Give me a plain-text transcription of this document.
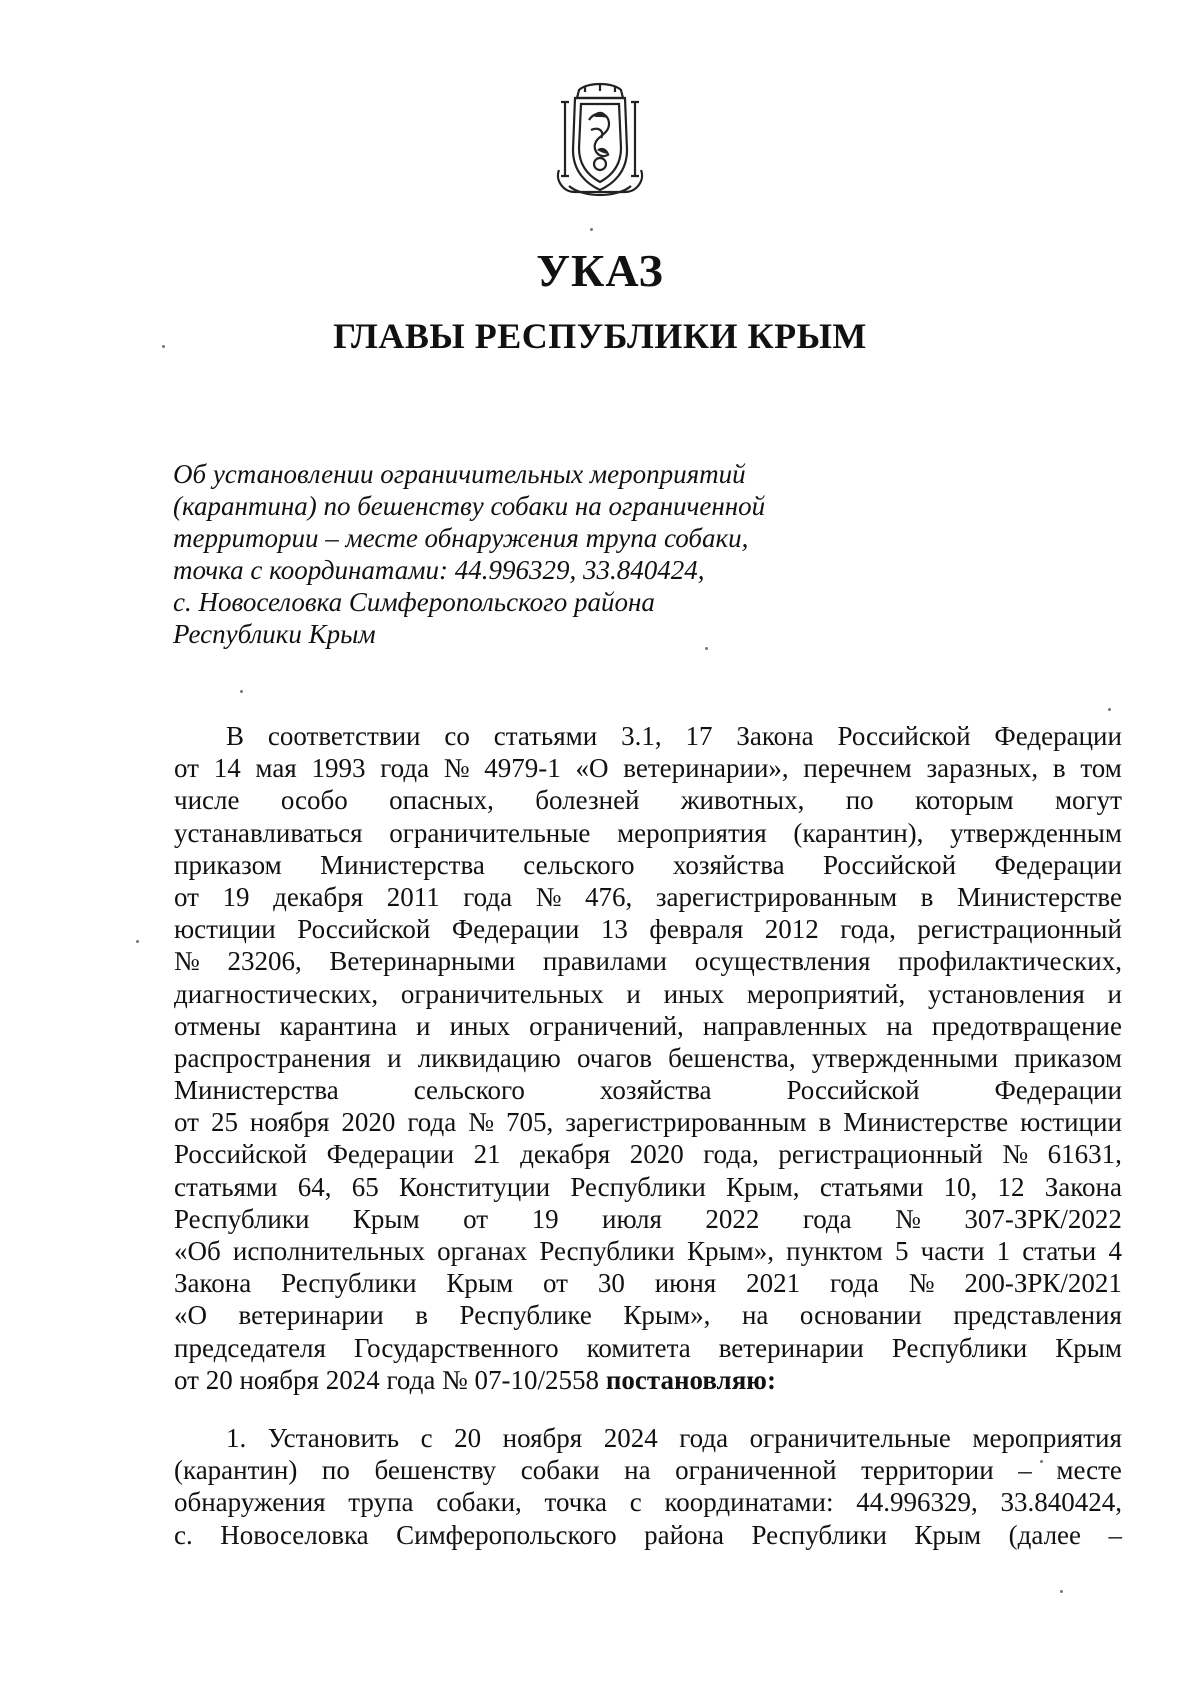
УКАЗ
ГЛАВЫ РЕСПУБЛИКИ КРЫМ
Об установлении ограничительных мероприятий
(карантина) по бешенству собаки на ограниченной
территории – месте обнаружения трупа собаки,
точка с координатами: 44.996329, 33.840424,
с. Новоселовка Симферопольского района
Республики Крым
В соответствии со статьями 3.1, 17 Закона Российской Федерации
от 14 мая 1993 года № 4979-1 «О ветеринарии», перечнем заразных, в том
числе особо опасных, болезней животных, по которым могут
устанавливаться ограничительные мероприятия (карантин), утвержденным
приказом Министерства сельского хозяйства Российской Федерации
от 19 декабря 2011 года № 476, зарегистрированным в Министерстве
юстиции Российской Федерации 13 февраля 2012 года, регистрационный
№ 23206, Ветеринарными правилами осуществления профилактических,
диагностических, ограничительных и иных мероприятий, установления и
отмены карантина и иных ограничений, направленных на предотвращение
распространения и ликвидацию очагов бешенства, утвержденными приказом
Министерства	сельского	хозяйства	Российской	Федерации
от 25 ноября 2020 года № 705, зарегистрированным в Министерстве юстиции
Российской Федерации 21 декабря 2020 года, регистрационный № 61631,
статьями 64, 65 Конституции Республики Крым, статьями 10, 12 Закона
Республики Крым от 19 июля 2022 года № 307-ЗРК/2022
«Об исполнительных органах Республики Крым», пунктом 5 части 1 статьи 4
Закона Республики Крым от 30 июня 2021 года № 200-ЗРК/2021
«О ветеринарии в Республике Крым», на основании представления
председателя Государственного комитета ветеринарии Республики Крым
от 20 ноября 2024 года № 07-10/2558 постановляю:
1. Установить с 20 ноября 2024 года ограничительные мероприятия
(карантин) по бешенству собаки на ограниченной территории – месте
обнаружения трупа собаки, точка с координатами: 44.996329, 33.840424,
с. Новоселовка Симферопольского района Республики Крым (далее –
